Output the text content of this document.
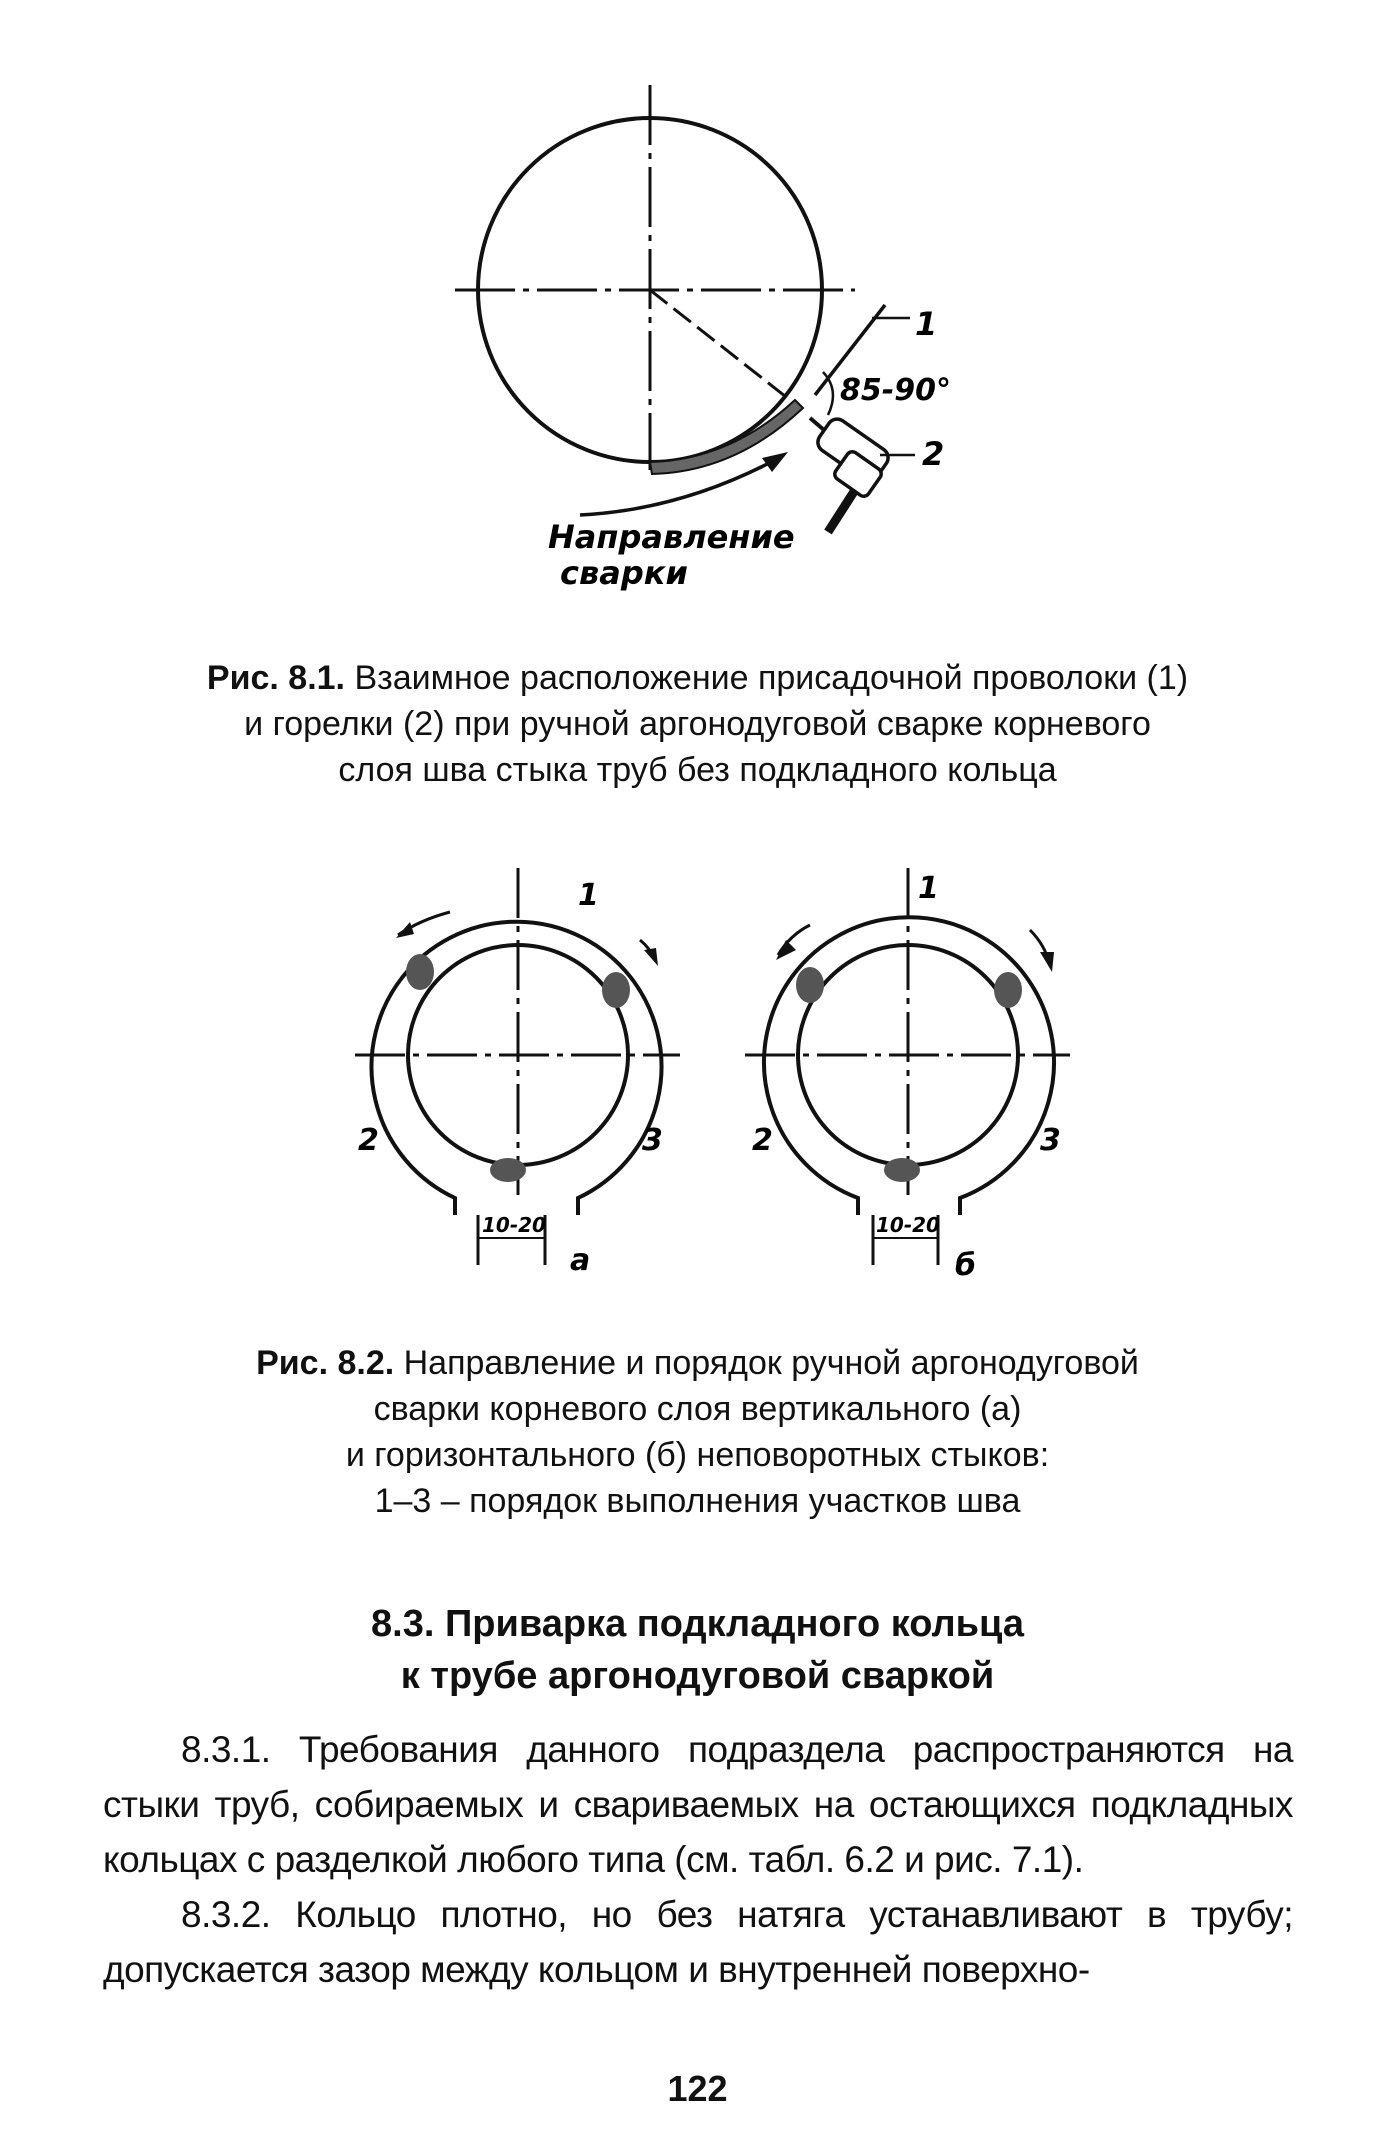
1
85-90°
2
Направление
сварки
Рис. 8.1. Взаимное расположение присадочной проволоки (1)
и горелки (2) при ручной аргонодуговой сварке корневого
слоя шва стыка труб без подкладного кольца
1
2	3
10-20
а
1
2	3
10-20
б
Рис. 8.2. Направление и порядок ручной аргонодуговой
сварки корневого слоя вертикального (а)
и горизонтального (б) неповоротных стыков:
1–3 – порядок выполнения участков шва
8.3. Приварка подкладного кольца
к трубе аргонодуговой сваркой

8.3.1. Требования данного подраздела распространяются на стыки труб, собираемых и свариваемых на остающихся подкладных кольцах с разделкой любого типа (см. табл. 6.2 и рис. 7.1).

8.3.2. Кольцо плотно, но без натяга устанавливают в трубу; допускается зазор между кольцом и внутренней поверхно-

122
